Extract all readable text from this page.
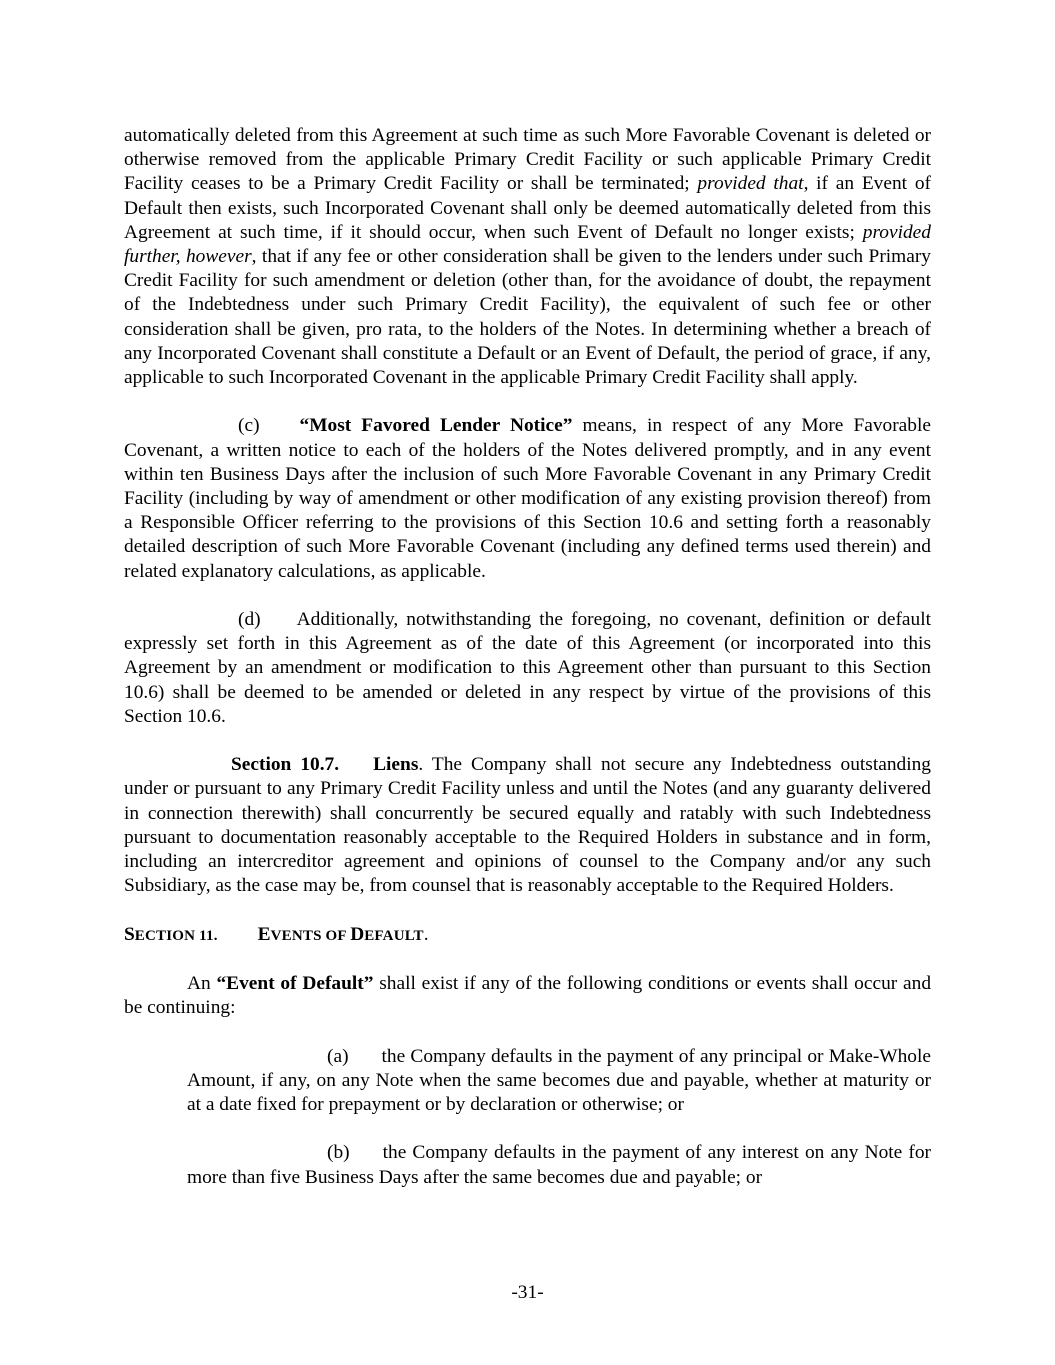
automatically deleted from this Agreement at such time as such More Favorable Covenant is deleted or otherwise removed from the applicable Primary Credit Facility or such applicable Primary Credit Facility ceases to be a Primary Credit Facility or shall be terminated; provided that, if an Event of Default then exists, such Incorporated Covenant shall only be deemed automatically deleted from this Agreement at such time, if it should occur, when such Event of Default no longer exists; provided further, however, that if any fee or other consideration shall be given to the lenders under such Primary Credit Facility for such amendment or deletion (other than, for the avoidance of doubt, the repayment of the Indebtedness under such Primary Credit Facility), the equivalent of such fee or other consideration shall be given, pro rata, to the holders of the Notes. In determining whether a breach of any Incorporated Covenant shall constitute a Default or an Event of Default, the period of grace, if any, applicable to such Incorporated Covenant in the applicable Primary Credit Facility shall apply.

(c) “Most Favored Lender Notice” means, in respect of any More Favorable Covenant, a written notice to each of the holders of the Notes delivered promptly, and in any event within ten Business Days after the inclusion of such More Favorable Covenant in any Primary Credit Facility (including by way of amendment or other modification of any existing provision thereof) from a Responsible Officer referring to the provisions of this Section 10.6 and setting forth a reasonably detailed description of such More Favorable Covenant (including any defined terms used therein) and related explanatory calculations, as applicable.

(d) Additionally, notwithstanding the foregoing, no covenant, definition or default expressly set forth in this Agreement as of the date of this Agreement (or incorporated into this Agreement by an amendment or modification to this Agreement other than pursuant to this Section 10.6) shall be deemed to be amended or deleted in any respect by virtue of the provisions of this Section 10.6.

Section 10.7. Liens. The Company shall not secure any Indebtedness outstanding under or pursuant to any Primary Credit Facility unless and until the Notes (and any guaranty delivered in connection therewith) shall concurrently be secured equally and ratably with such Indebtedness pursuant to documentation reasonably acceptable to the Required Holders in substance and in form, including an intercreditor agreement and opinions of counsel to the Company and/or any such Subsidiary, as the case may be, from counsel that is reasonably acceptable to the Required Holders.

SECTION 11. EVENTS OF DEFAULT.

An “Event of Default” shall exist if any of the following conditions or events shall occur and be continuing:

(a) the Company defaults in the payment of any principal or Make-Whole Amount, if any, on any Note when the same becomes due and payable, whether at maturity or at a date fixed for prepayment or by declaration or otherwise; or

(b) the Company defaults in the payment of any interest on any Note for more than five Business Days after the same becomes due and payable; or

-31-
